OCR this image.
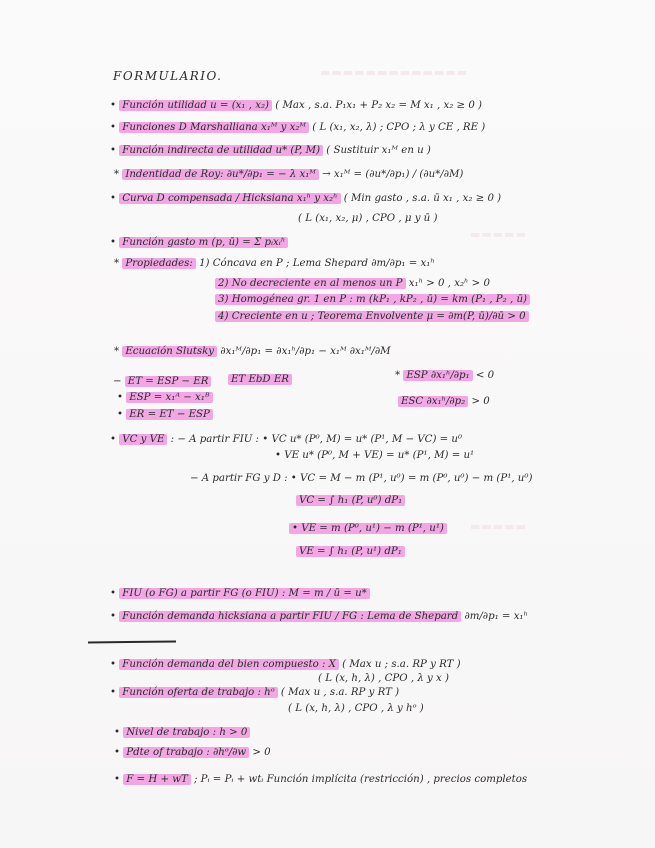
▬▬▬▬▬▬▬▬▬▬▬▬▬
▬▬▬▬▬
▬▬▬▬▬
FORMULARIO.
• Función utilidad u = (x₁ , x₂) ( Max , s.a. P₁x₁ + P₂ x₂ = M x₁ , x₂ ≥ 0 )
• Funciones D Marshalliana x₁ᴹ y x₂ᴹ ( L (x₁, x₂, λ) ; CPO ; λ y CE , RE )
• Función indirecta de utilidad u* (P, M) ( Sustituir x₁ᴹ en u )
* Indentidad de Roy: ∂u*/∂p₁ = − λ x₁ᴹ → x₁ᴹ = (∂u*/∂p₁) / (∂u*/∂M)
• Curva D compensada / Hicksiana x₁ʰ y x₂ʰ ( Min gasto , s.a. ū x₁ , x₂ ≥ 0 )
( L (x₁, x₂, μ) , CPO , μ y ū )
• Función gasto m (p, ū) = Σ pᵢxᵢʰ
* Propiedades: 1) Cóncava en P ; Lema Shepard ∂m/∂p₁ = x₁ʰ
2) No decreciente en al menos un P x₁ʰ > 0 , x₂ʰ > 0
3) Homogénea gr. 1 en P : m (kP₁ , kP₂ , ū) = km (P₁ , P₂ , ū)
4) Creciente en u ; Teorema Envolvente μ = ∂m(P, ū)/∂ū > 0
* Ecuación Slutsky ∂x₁ᴹ/∂p₁ = ∂x₁ʰ/∂p₁ − x₁ᴹ ∂x₁ᴹ/∂M
ET EbD ER
− ET = ESP − ER
* ESP ∂x₁ʰ/∂p₁ < 0
• ESP = x₁ᴬ − x₁ᴮ
• ER = ET − ESP
ESC ∂x₁ʰ/∂p₂ > 0
• VC y VE : − A partir FIU : • VC u* (P⁰, M) = u* (P¹, M − VC) = u⁰
• VE u* (P⁰, M + VE) = u* (P¹, M) = u¹
− A partir FG y D : • VC = M − m (P¹, u⁰) = m (P⁰, u⁰) − m (P¹, u⁰)
VC = ∫ h₁ (P, u⁰) dP₁
• VE = m (P⁰, u¹) − m (P¹, u¹)
VE = ∫ h₁ (P, u¹) dP₁
• FIU (o FG) a partir FG (o FIU) : M = m / ū = u*
• Función demanda hicksiana a partir FIU / FG : Lema de Shepard ∂m/∂p₁ = x₁ʰ
• Función demanda del bien compuesto : X ( Max u ; s.a. RP y RT )
( L (x, h, λ) , CPO , λ y x )
• Función oferta de trabajo : hᵒ ( Max u , s.a. RP y RT )
( L (x, h, λ) , CPO , λ y hᵒ )
• Nivel de trabajo : h > 0
• Pdte of trabajo : ∂hᵒ/∂w > 0
• F = H + wT ; Pᵢ = Pᵢ + wtᵢ Función implícita (restricción) , precios completos
